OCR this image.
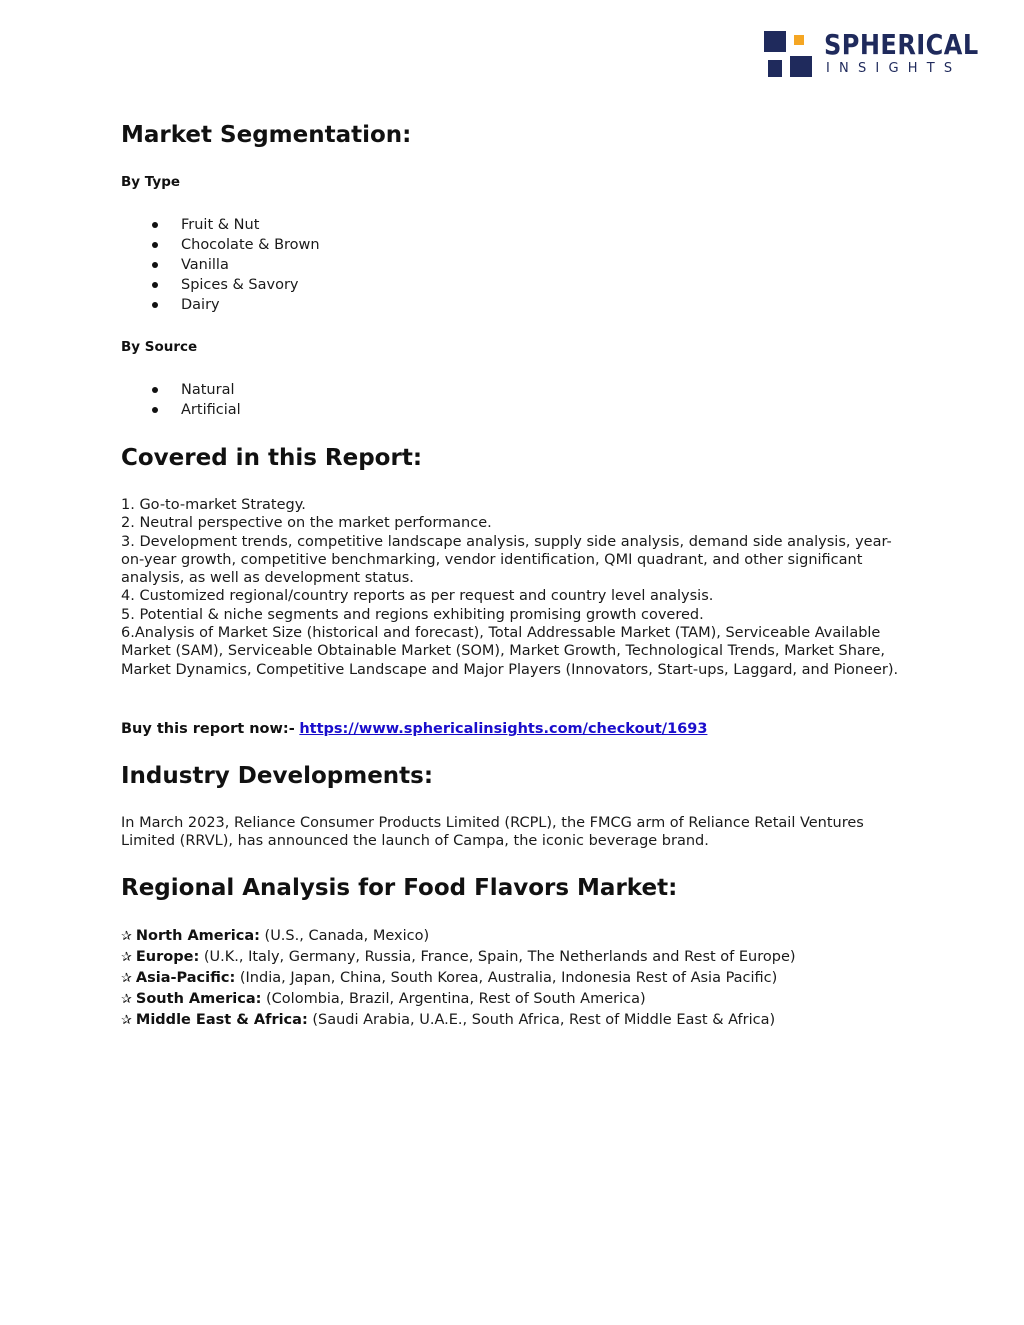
SPHERICAL
INSIGHTS
Market Segmentation:
By Type
Fruit & Nut
Chocolate & Brown
Vanilla
Spices & Savory
Dairy
By Source
Natural
Artificial
Covered in this Report:
1. Go-to-market Strategy.
2. Neutral perspective on the market performance.
3. Development trends, competitive landscape analysis, supply side analysis, demand side analysis, year-on-year growth, competitive benchmarking, vendor identification, QMI quadrant, and other significant analysis, as well as development status.
4. Customized regional/country reports as per request and country level analysis.
5. Potential & niche segments and regions exhibiting promising growth covered.
6.Analysis of Market Size (historical and forecast), Total Addressable Market (TAM), Serviceable Available Market (SAM), Serviceable Obtainable Market (SOM), Market Growth, Technological Trends, Market Share, Market Dynamics, Competitive Landscape and Major Players (Innovators, Start-ups, Laggard, and Pioneer).
Buy this report now:- https://www.sphericalinsights.com/checkout/1693
Industry Developments:
In March 2023, Reliance Consumer Products Limited (RCPL), the FMCG arm of Reliance Retail Ventures Limited (RRVL), has announced the launch of Campa, the iconic beverage brand.
Regional Analysis for Food Flavors Market:
✰ North America: (U.S., Canada, Mexico)
✰ Europe: (U.K., Italy, Germany, Russia, France, Spain, The Netherlands and Rest of Europe)
✰ Asia-Pacific: (India, Japan, China, South Korea, Australia, Indonesia Rest of Asia Pacific)
✰ South America: (Colombia, Brazil, Argentina, Rest of South America)
✰ Middle East & Africa: (Saudi Arabia, U.A.E., South Africa, Rest of Middle East & Africa)
